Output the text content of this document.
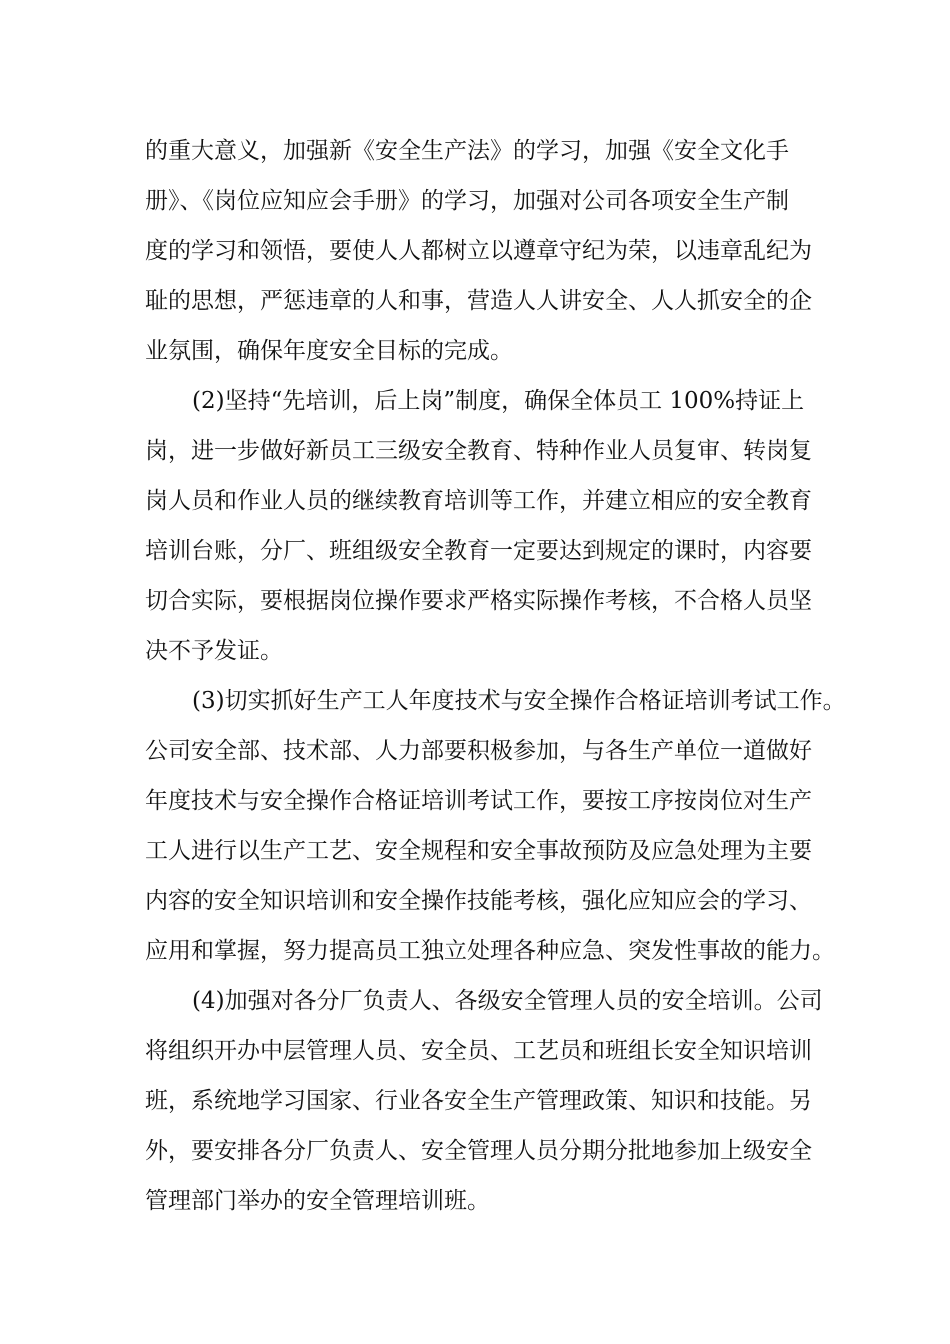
的重大意义，加强新《安全生产法》的学习，加强《安全文化手
册》、《岗位应知应会手册》的学习，加强对公司各项安全生产制
度的学习和领悟，要使人人都树立以遵章守纪为荣，以违章乱纪为
耻的思想，严惩违章的人和事，营造人人讲安全、人人抓安全的企
业氛围，确保年度安全目标的完成。
(2)坚持“先培训，后上岗”制度，确保全体员工 100%持证上
岗，进一步做好新员工三级安全教育、特种作业人员复审、转岗复
岗人员和作业人员的继续教育培训等工作，并建立相应的安全教育
培训台账，分厂、班组级安全教育一定要达到规定的课时，内容要
切合实际，要根据岗位操作要求严格实际操作考核，不合格人员坚
决不予发证。
(3)切实抓好生产工人年度技术与安全操作合格证培训考试工作。
公司安全部、技术部、人力部要积极参加，与各生产单位一道做好
年度技术与安全操作合格证培训考试工作，要按工序按岗位对生产
工人进行以生产工艺、安全规程和安全事故预防及应急处理为主要
内容的安全知识培训和安全操作技能考核，强化应知应会的学习、
应用和掌握，努力提高员工独立处理各种应急、突发性事故的能力。
(4)加强对各分厂负责人、各级安全管理人员的安全培训。公司
将组织开办中层管理人员、安全员、工艺员和班组长安全知识培训
班，系统地学习国家、行业各安全生产管理政策、知识和技能。另
外，要安排各分厂负责人、安全管理人员分期分批地参加上级安全
管理部门举办的安全管理培训班。
